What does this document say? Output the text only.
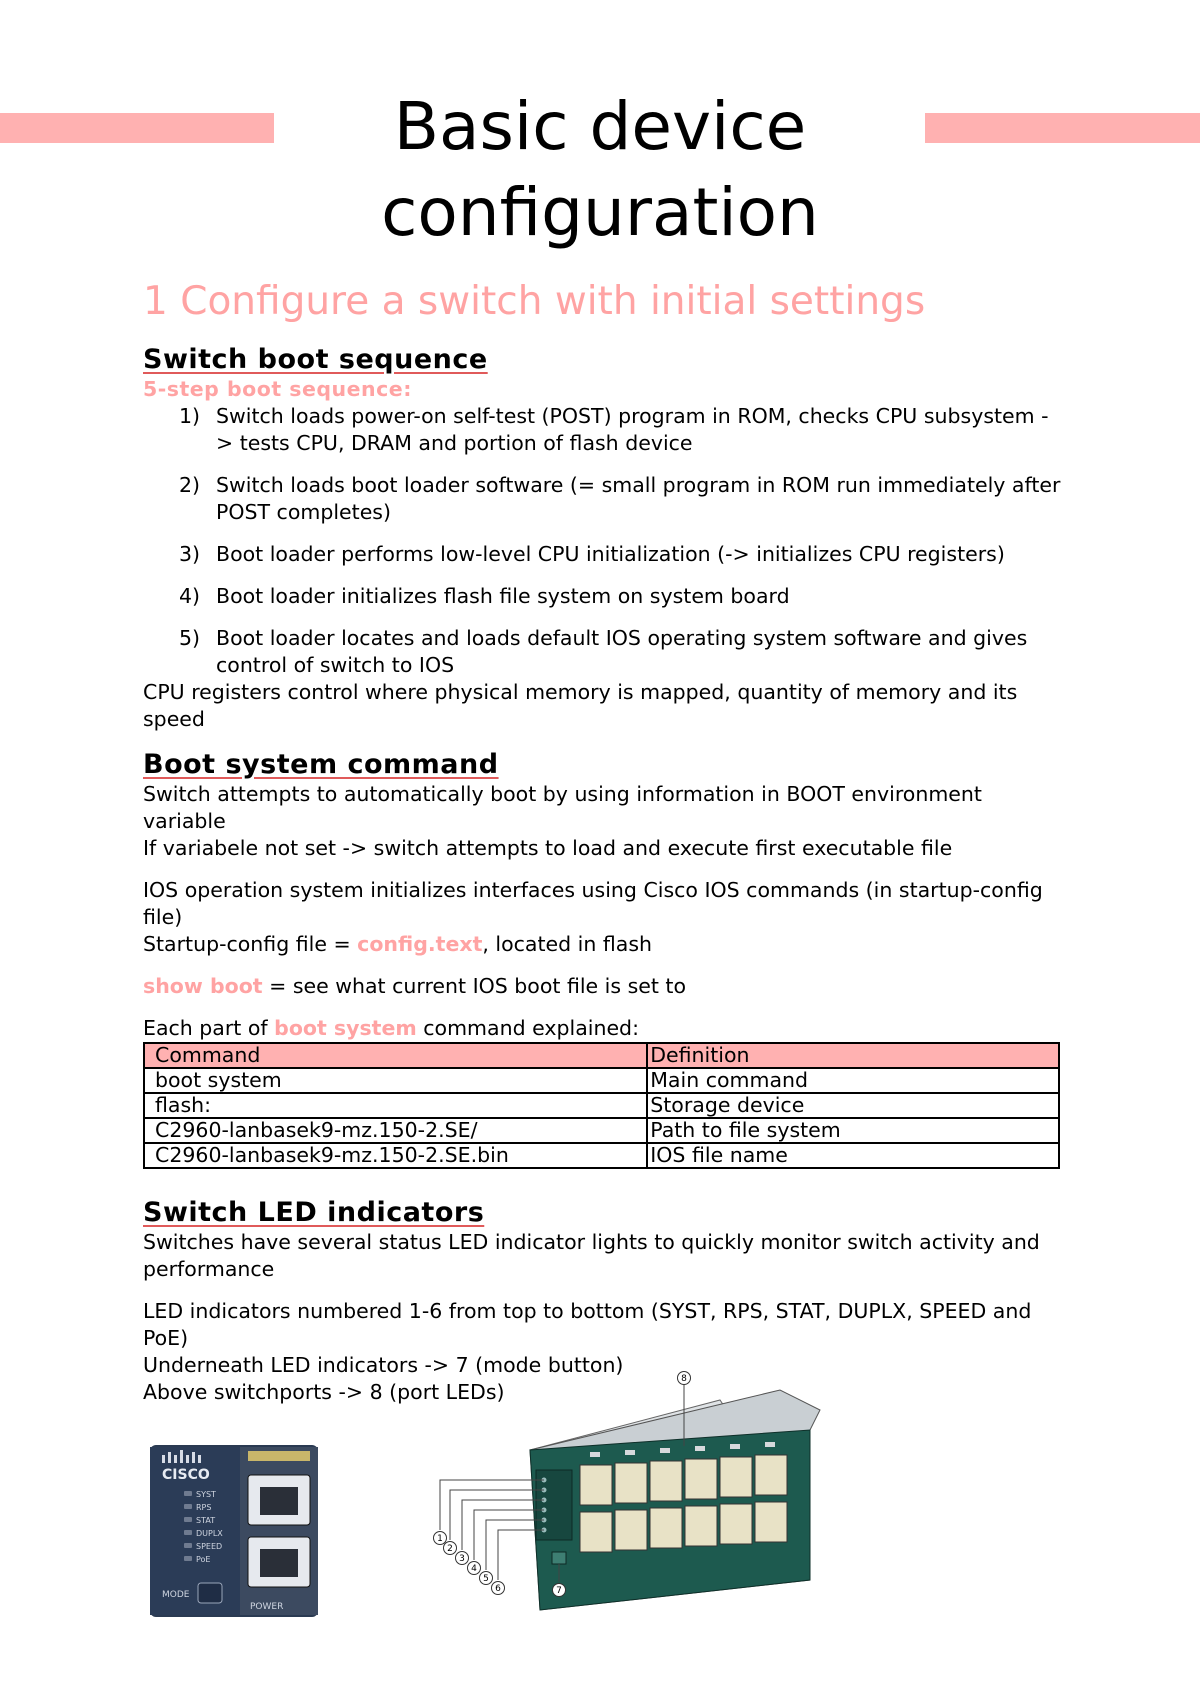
Basic device
configuration
1 Configure a switch with initial settings
Switch boot sequence
5-step boot sequence:
1) Switch loads power-on self-test (POST) program in ROM, checks CPU subsystem -> tests CPU, DRAM and portion of flash device
2) Switch loads boot loader software (= small program in ROM run immediately after POST completes)
3) Boot loader performs low-level CPU initialization (-> initializes CPU registers)
4) Boot loader initializes flash file system on system board
5) Boot loader locates and loads default IOS operating system software and gives control of switch to IOS

CPU registers control where physical memory is mapped, quantity of memory and its speed

Boot system command

Switch attempts to automatically boot by using information in BOOT environment variable

If variabele not set -> switch attempts to load and execute first executable file

IOS operation system initializes interfaces using Cisco IOS commands (in startup-config file)

Startup-config file = config.text, located in flash

show boot = see what current IOS boot file is set to

Each part of boot system command explained:

Command	Definition
boot system	Main command
flash:	Storage device
C2960-lanbasek9-mz.150-2.SE/	Path to file system
C2960-lanbasek9-mz.150-2.SE.bin	IOS file name
Switch LED indicators

Switches have several status LED indicator lights to quickly monitor switch activity and performance

LED indicators numbered 1-6 from top to bottom (SYST, RPS, STAT, DUPLX, SPEED and PoE)

Underneath LED indicators -> 7 (mode button)

Above switchports -> 8 (port LEDs)

CISCO
SYST
RPS
STAT
DUPLX
SPEED
PoE
MODE
POWER
1
2
3
4
5
6	7
8
